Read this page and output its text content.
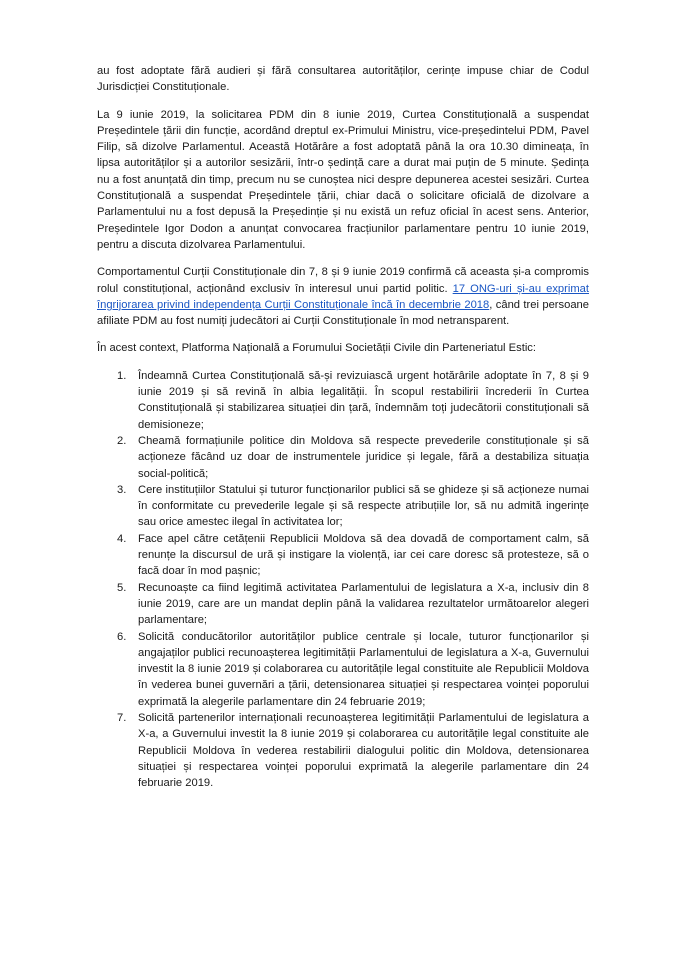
au fost adoptate fără audieri și fără consultarea autorităților, cerințe impuse chiar de Codul Jurisdicției Constituționale.

La 9 iunie 2019, la solicitarea PDM din 8 iunie 2019, Curtea Constituțională a suspendat Președintele țării din funcție, acordând dreptul ex-Primului Ministru, vice-președintelui PDM, Pavel Filip, să dizolve Parlamentul. Această Hotărâre a fost adoptată până la ora 10.30 dimineața, în lipsa autorităților și a autorilor sesizării, într-o ședință care a durat mai puțin de 5 minute. Ședința nu a fost anunțată din timp, precum nu se cunoștea nici despre depunerea acestei sesizări. Curtea Constituțională a suspendat Președintele țării, chiar dacă o solicitare oficială de dizolvare a Parlamentului nu a fost depusă la Președinție și nu există un refuz oficial în acest sens. Anterior, Președintele Igor Dodon a anunțat convocarea fracțiunilor parlamentare pentru 10 iunie 2019, pentru a discuta dizolvarea Parlamentului.

Comportamentul Curții Constituționale din 7, 8 și 9 iunie 2019 confirmă că aceasta și-a compromis rolul constituțional, acționând exclusiv în interesul unui partid politic. 17 ONG-uri și-au exprimat îngrijorarea privind independența Curții Constituționale încă în decembrie 2018, când trei persoane afiliate PDM au fost numiți judecători ai Curții Constituționale în mod netransparent.

În acest context, Platforma Națională a Forumului Societății Civile din Parteneriatul Estic:

1. Îndeamnă Curtea Constituțională să-și revizuiască urgent hotărârile adoptate în 7, 8 și 9 iunie 2019 și să revină în albia legalității. În scopul restabilirii încrederii în Curtea Constituțională și stabilizarea situației din țară, îndemnăm toți judecătorii constituționali să demisioneze;
2. Cheamă formațiunile politice din Moldova să respecte prevederile constituționale și să acționeze făcând uz doar de instrumentele juridice și legale, fără a destabiliza situația social-politică;
3. Cere instituțiilor Statului și tuturor funcționarilor publici să se ghideze și să acționeze numai în conformitate cu prevederile legale și să respecte atribuțiile lor, să nu admită ingerințe sau orice amestec ilegal în activitatea lor;
4. Face apel către cetățenii Republicii Moldova să dea dovadă de comportament calm, să renunțe la discursul de ură și instigare la violență, iar cei care doresc să protesteze, să o facă doar în mod pașnic;
5. Recunoaște ca fiind legitimă activitatea Parlamentului de legislatura a X-a, inclusiv din 8 iunie 2019, care are un mandat deplin până la validarea rezultatelor următoarelor alegeri parlamentare;
6. Solicită conducătorilor autorităților publice centrale și locale, tuturor funcționarilor și angajaților publici recunoașterea legitimității Parlamentului de legislatura a X-a, Guvernului investit la 8 iunie 2019 și colaborarea cu autoritățile legal constituite ale Republicii Moldova în vederea bunei guvernări a țării, detensionarea situației și respectarea voinței poporului exprimată la alegerile parlamentare din 24 februarie 2019;
7. Solicită partenerilor internaționali recunoașterea legitimității Parlamentului de legislatura a X-a, a Guvernului investit la 8 iunie 2019 și colaborarea cu autoritățile legal constituite ale Republicii Moldova în vederea restabilirii dialogului politic din Moldova, detensionarea situației și respectarea voinței poporului exprimată la alegerile parlamentare din 24 februarie 2019.
